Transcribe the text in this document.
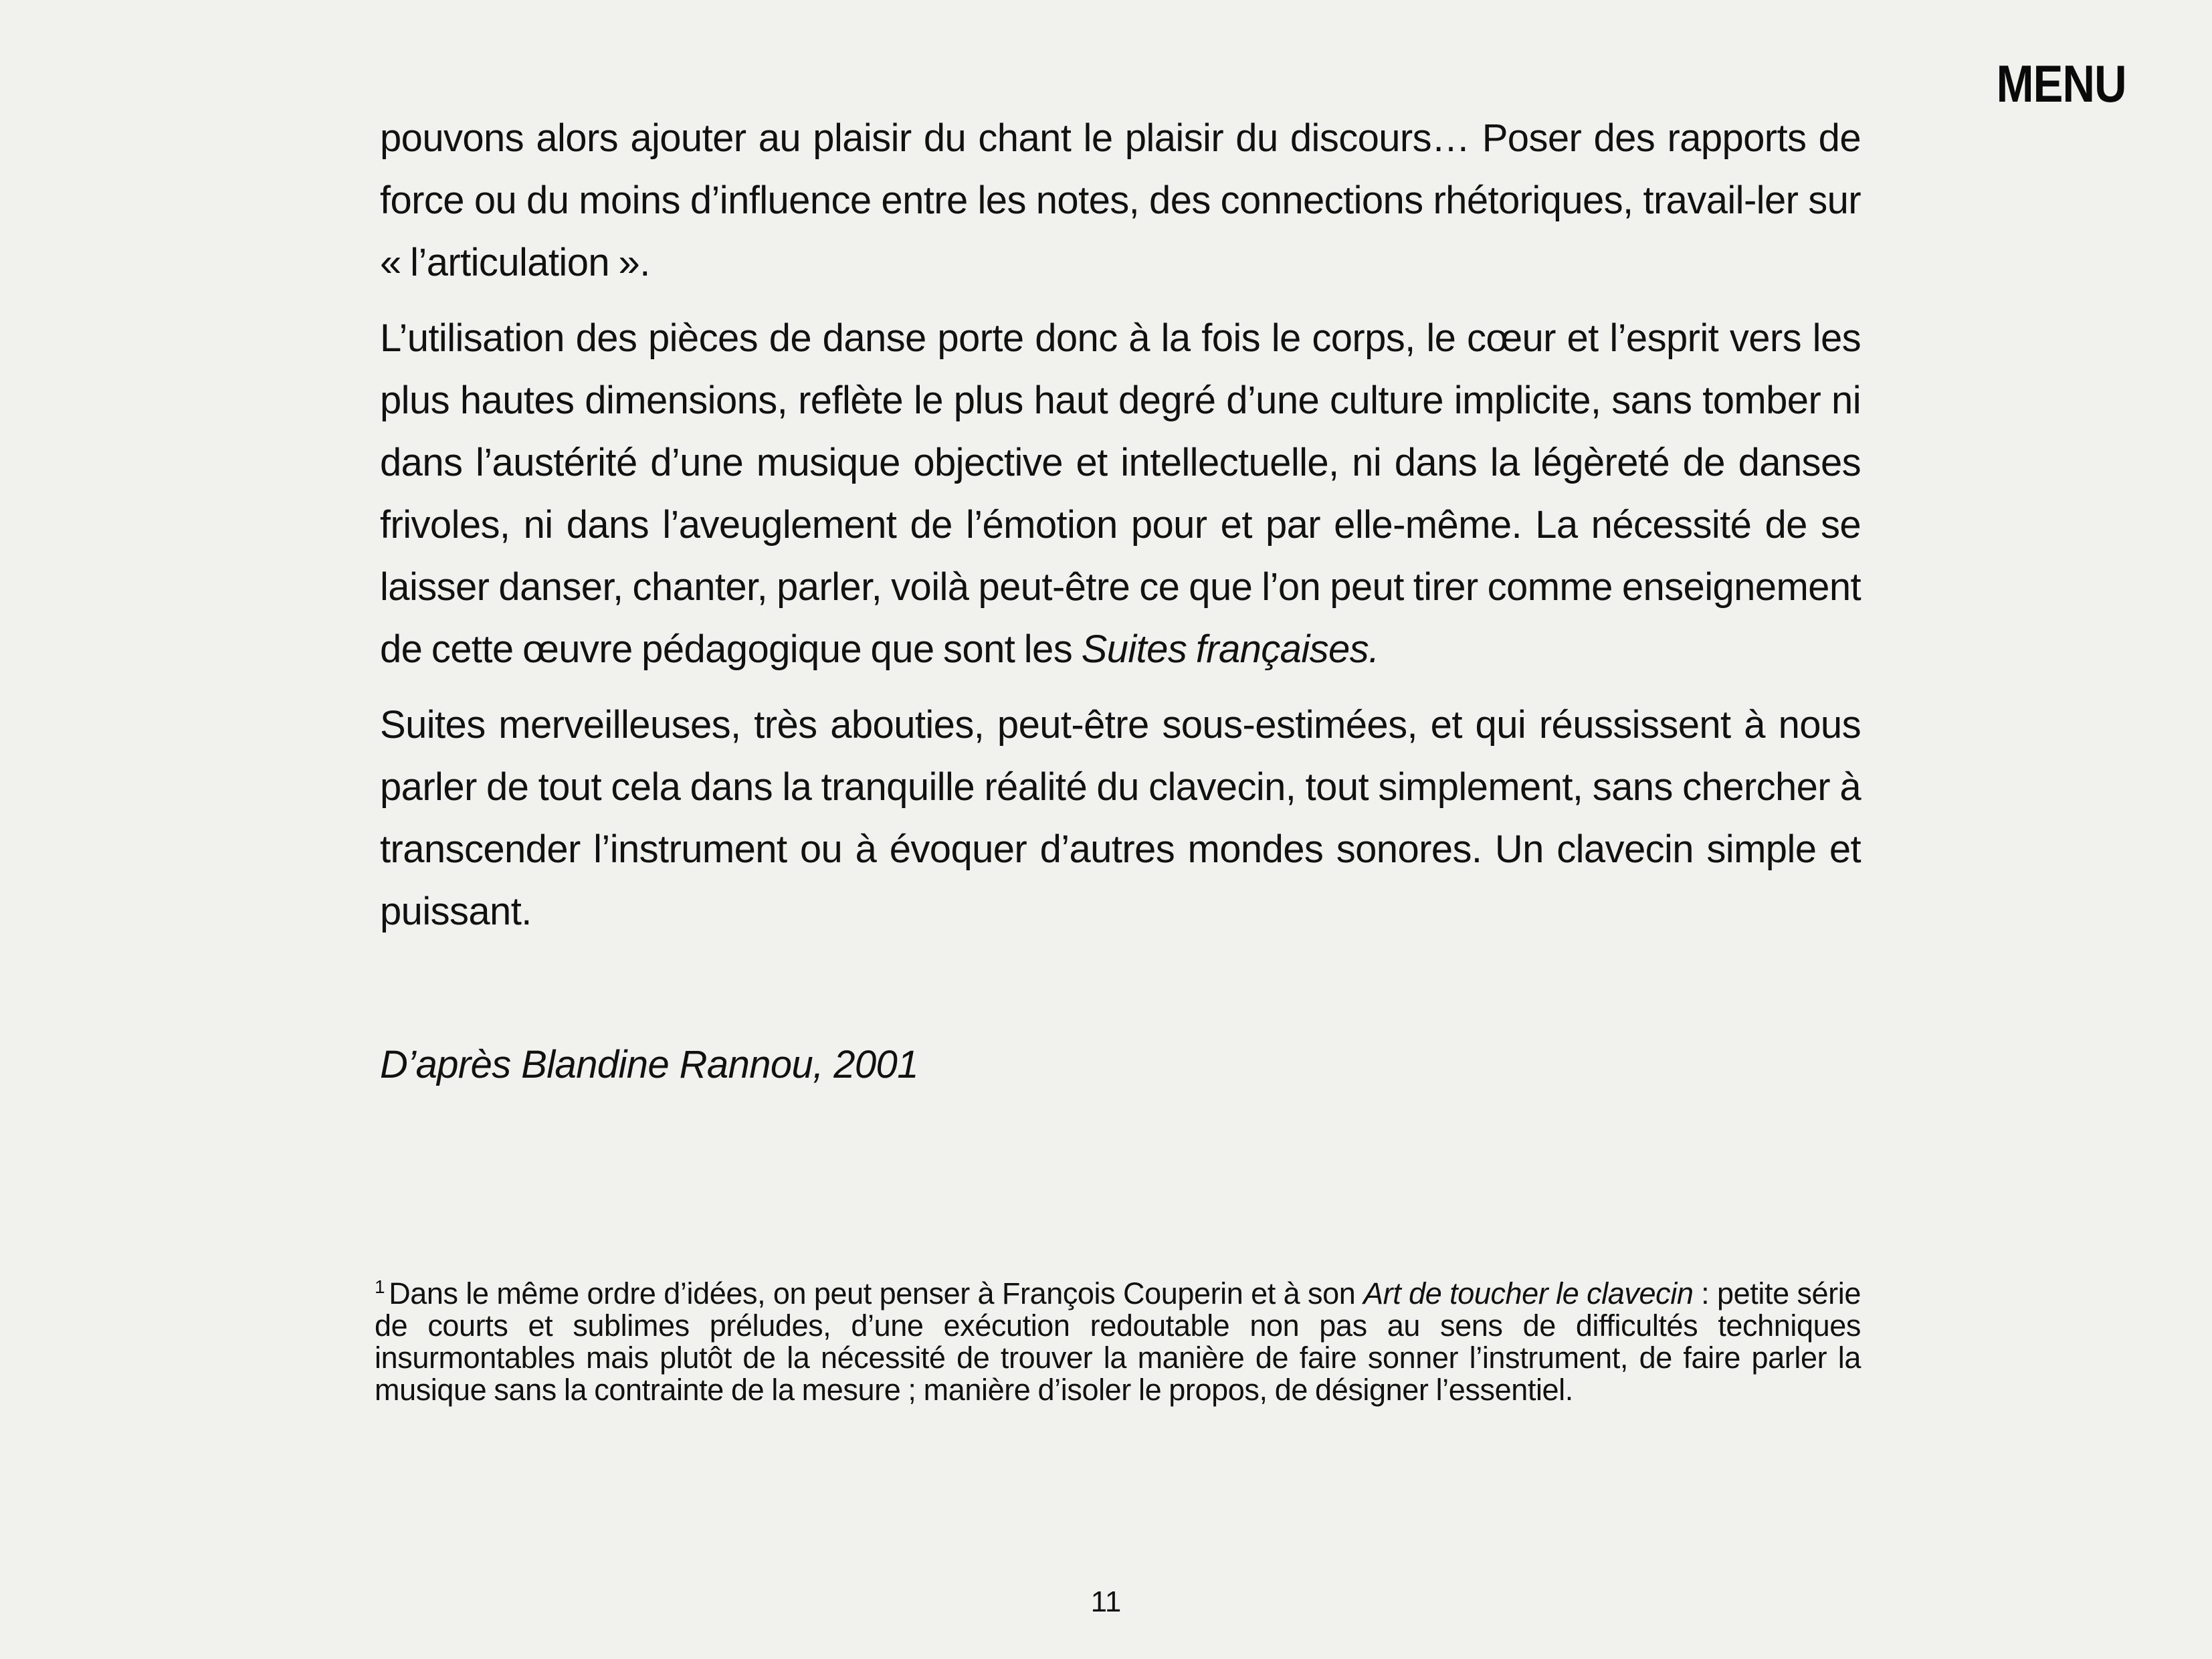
MENU

pouvons alors ajouter au plaisir du chant le plaisir du discours… Poser des rapports de force ou du moins d’influence entre les notes, des connections rhétoriques, travail-ler sur « l’articulation ».

L’utilisation des pièces de danse porte donc à la fois le corps, le cœur et l’esprit vers les plus hautes dimensions, reflète le plus haut degré d’une culture implicite, sans tomber ni dans l’austérité d’une musique objective et intellectuelle, ni dans la légèreté de danses frivoles, ni dans l’aveuglement de l’émotion pour et par elle-même. La nécessité de se laisser danser, chanter, parler, voilà peut-être ce que l’on peut tirer comme enseignement de cette œuvre pédagogique que sont les Suites françaises.

Suites merveilleuses, très abouties, peut-être sous-estimées, et qui réussissent à nous parler de tout cela dans la tranquille réalité du clavecin, tout simplement, sans chercher à transcender l’instrument ou à évoquer d’autres mondes sonores. Un clavecin simple et puissant.

D’après Blandine Rannou, 2001
$^1$ Dans le même ordre d’idées, on peut penser à François Couperin et à son Art de toucher le clavecin : petite série de courts et sublimes préludes, d’une exécution redoutable non pas au sens de difficultés techniques insurmontables mais plutôt de la nécessité de trouver la manière de faire sonner l’instrument, de faire parler la musique sans la contrainte de la mesure ; manière d’isoler le propos, de désigner l’essentiel.
11
